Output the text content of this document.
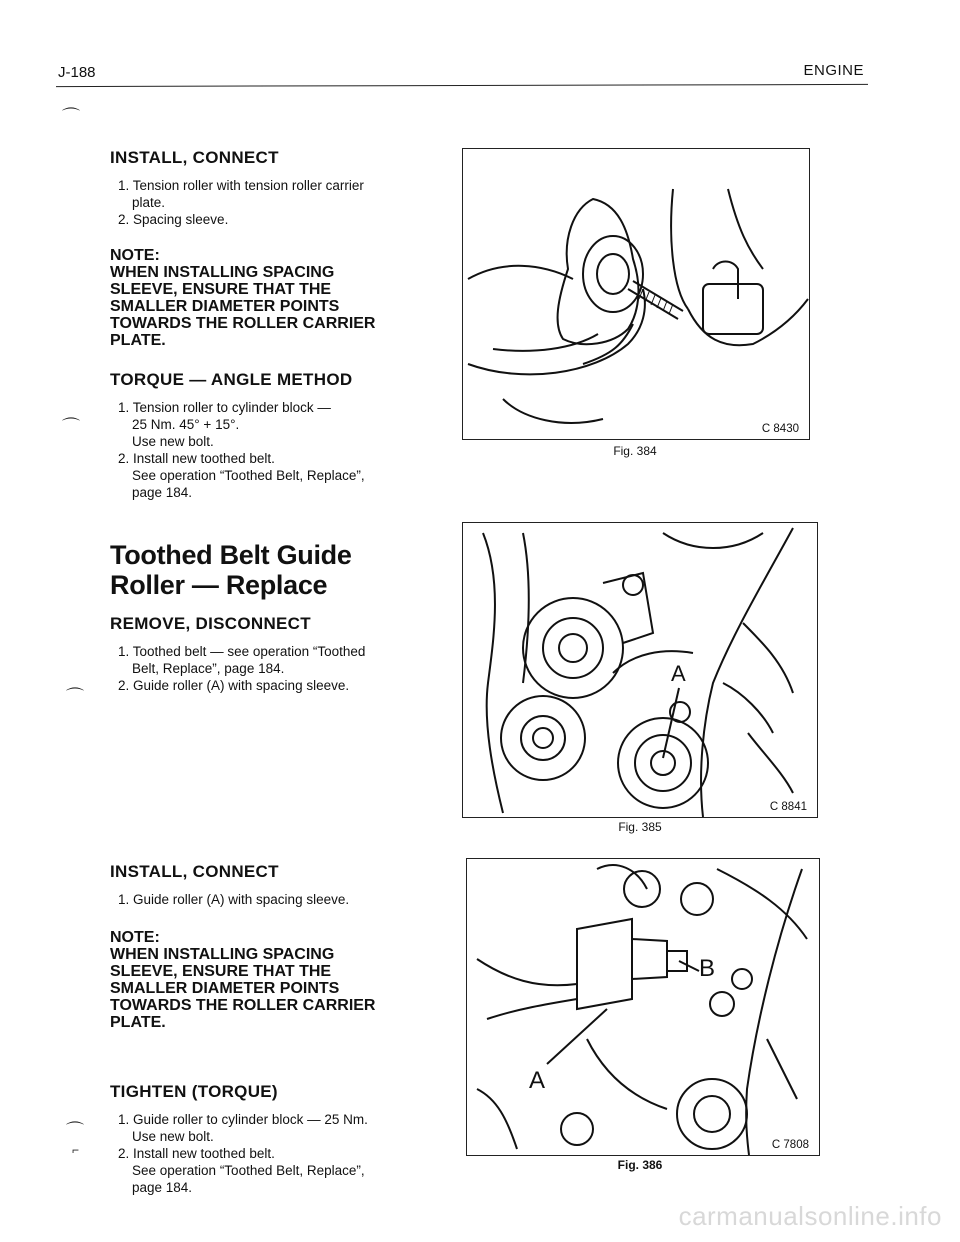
J-188	ENGINE
⌒
⌒
⌒
⌒
⌐
INSTALL, CONNECT
1. Tension roller with tension roller carrier
plate.
2. Spacing sleeve.

NOTE:

WHEN INSTALLING SPACING

SLEEVE, ENSURE THAT THE

SMALLER DIAMETER POINTS

TOWARDS THE ROLLER CARRIER

PLATE.

TORQUE — ANGLE METHOD
1. Tension roller to cylinder block —
25 Nm. 45° + 15°.
Use new bolt.
2. Install new toothed belt.
See operation “Toothed Belt, Replace”,
page 184.

Toothed Belt Guide

Roller — Replace

REMOVE, DISCONNECT
1. Toothed belt — see operation “Toothed
Belt, Replace”, page 184.
2. Guide roller (A) with spacing sleeve.
INSTALL, CONNECT
1. Guide roller (A) with spacing sleeve.

NOTE:

WHEN INSTALLING SPACING

SLEEVE, ENSURE THAT THE

SMALLER DIAMETER POINTS

TOWARDS THE ROLLER CARRIER

PLATE.

TIGHTEN (TORQUE)
1. Guide roller to cylinder block — 25 Nm.
Use new bolt.
2. Install new toothed belt.
See operation “Toothed Belt, Replace”,
page 184.
C 8430
Fig. 384
A
C 8841
Fig. 385
A
B
C 7808
Fig. 386
carmanualsonline.info
